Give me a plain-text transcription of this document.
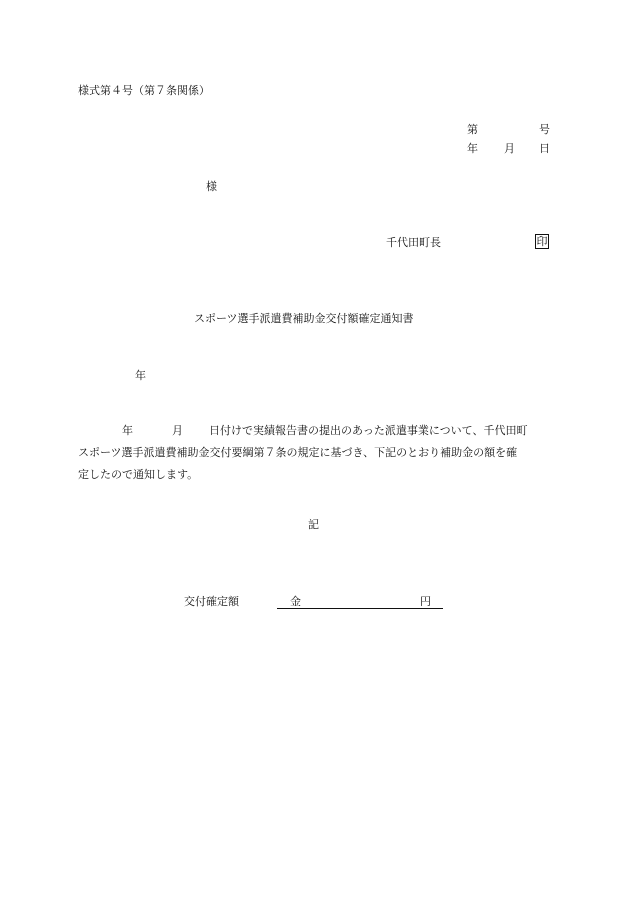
様式第４号（第７条関係）
第	号
年 月 日
様
千代田町長	印
スポーツ選手派遣費補助金交付額確定通知書
年
年	月 日付けで実績報告書の提出のあった派遣事業について、千代田町
スポーツ選手派遣費補助金交付要綱第７条の規定に基づき、下記のとおり補助金の額を確
定したので通知します。
記
交付確定額	金	円
